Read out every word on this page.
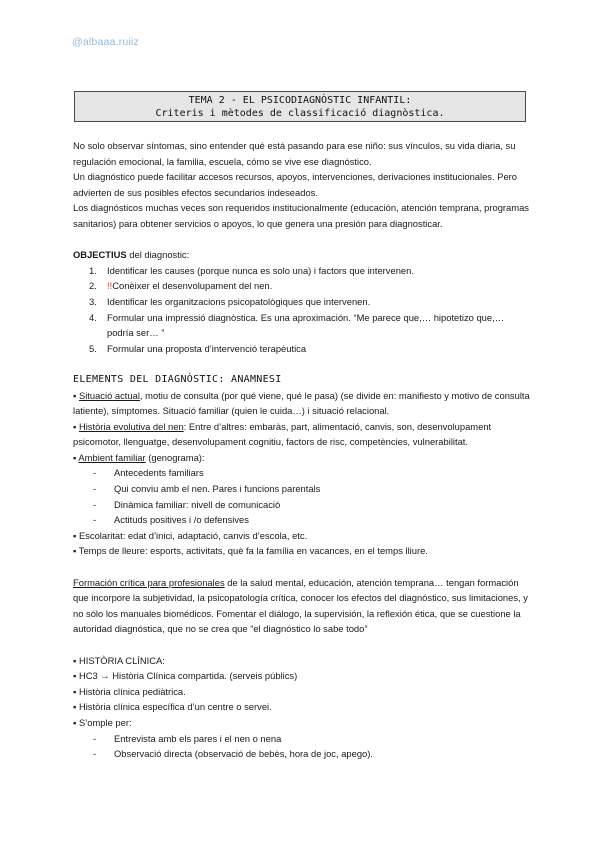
@albaaa.ruiiz
TEMA 2 - EL PSICODIAGNÒSTIC INFANTIL:
Criteris i mètodes de classificació diagnòstica.

No solo observar síntomas, sino entender qué está pasando para ese niño: sus vínculos, su vida diaria, su regulación emocional, la familia, escuela, cómo se vive ese diagnóstico.

Un diagnóstico puede facilitar accesos recursos, apoyos, intervenciones, derivaciones institucionales. Pero advierten de sus posibles efectos secundarios indeseados.

Los diagnósticos muchas veces son requeridos institucionalmente (educación, atención temprana, programas sanitarios) para obtener servicios o apoyos, lo que genera una presión para diagnosticar.

OBJECTIUS del diagnostic:

1. Identificar les causes (porque nunca es solo una) i factors que intervenen.
2. !!Conèixer el desenvolupament del nen.
3. Identificar les organitzacions psicopatològiques que intervenen.
4. Formular una impressió diagnòstica. Es una aproximación. “Me parece que,… hipotetizo que,… podría ser… ”
5. Formular una proposta d’intervenció terapèutica

ELEMENTS DEL DIAGNÒSTIC: ANAMNESI

▪ Situació actual, motiu de consulta (por qué viene, qué le pasa) (se divide en: manifiesto y motivo de consulta latiente), símptomes. Situació familiar (quien le cuida…) i situació relacional.

▪ Història evolutiva del nen: Entre d’altres: embaràs, part, alimentació, canvis, son, desenvolupament psicomotor, llenguatge, desenvolupament cognitiu, factors de risc, competències, vulnerabilitat.

▪ Ambient familiar (genograma):

- Antecedents familiars
- Qui conviu amb el nen. Pares i funcions parentals
- Dinàmica familiar: nivell de comunicació
- Actituds positives i /o defensives

▪ Escolaritat: edat d’inici, adaptació, canvis d’escola, etc.

▪ Temps de lleure: esports, activitats, què fa la família en vacances, en el temps lliure.

Formación crítica para profesionales de la salud mental, educación, atención temprana… tengan formación que incorpore la subjetividad, la psicopatología crítica, conocer los efectos del diagnóstico, sus limitaciones, y no sólo los manuales biomédicos. Fomentar el diálogo, la supervisión, la reflexión ética, que se cuestione la autoridad diagnóstica, que no se crea que “el diagnóstico lo sabe todo”

▪ HISTÒRIA CLÍNICA:

▪ HC3 → Història Clínica compartida. (serveis públics)

▪ Història clínica pediàtrica.

▪ Història clínica específica d’un centre o servei.

▪ S’omple per:

- Entrevista amb els pares i el nen o nena
- Observació directa (observació de bebès, hora de joc, apego).
